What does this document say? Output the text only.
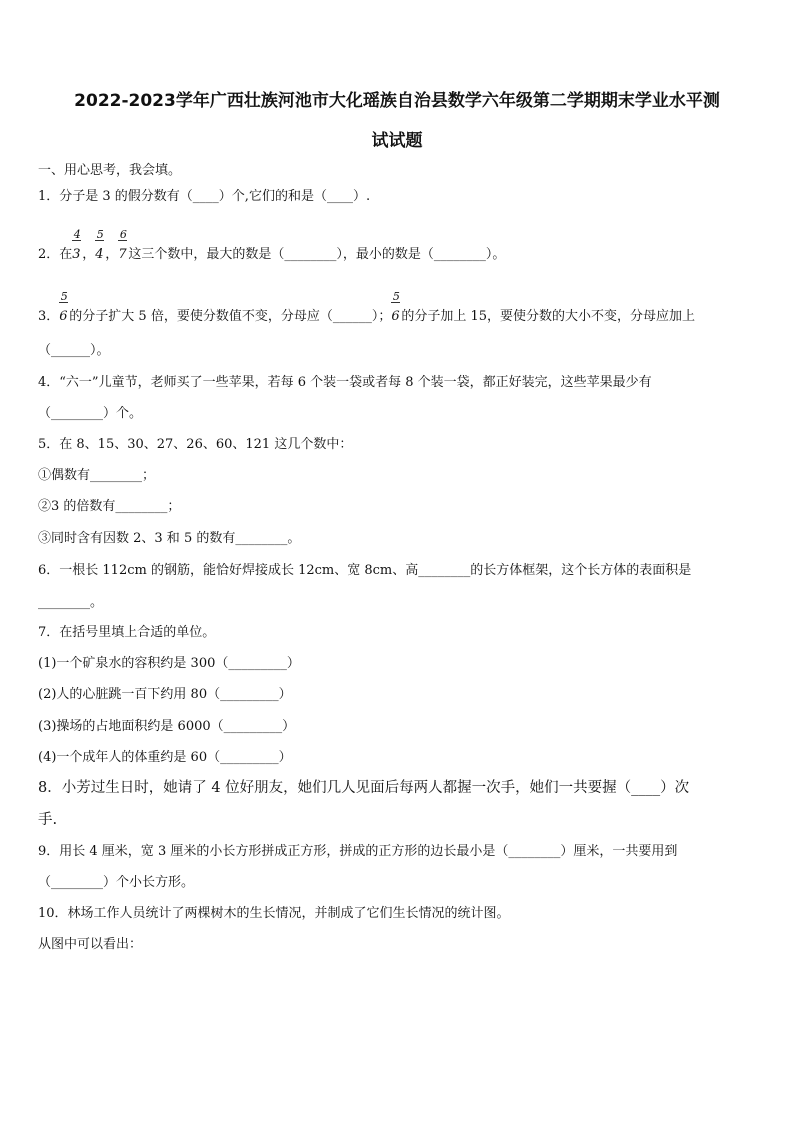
2022-2023学年广西壮族河池市大化瑶族自治县数学六年级第二学期期末学业水平测
试试题
一、用心思考，我会填。
1．分子是 3 的假分数有（____）个,它们的和是（____）.
2．在 $\frac{4}{3}$， $\frac{5}{4}$， $\frac{6}{7}$这三个数中，最大的数是（________），最小的数是（________）。
3． $\frac{5}{6}$的分子扩大 5 倍，要使分数值不变，分母应（______）； $\frac{5}{6}$的分子加上 15，要使分数的大小不变，分母应加上
（______）。
4．“六一”儿童节，老师买了一些苹果，若每 6 个装一袋或者每 8 个装一袋，都正好装完，这些苹果最少有
（________）个。
5．在 8、15、30、27、26、60、121 这几个数中：
①偶数有________；
②3 的倍数有________；
③同时含有因数 2、3 和 5 的数有________。
6．一根长 112cm 的钢筋，能恰好焊接成长 12cm、宽 8cm、高________的长方体框架，这个长方体的表面积是
________。
7．在括号里填上合适的单位。
(1)一个矿泉水的容积约是 300（_________）
(2)人的心脏跳一百下约用 80（_________）
(3)操场的占地面积约是 6000（_________）
(4)一个成年人的体重约是 60（_________）
8．小芳过生日时，她请了 4 位好朋友，她们几人见面后每两人都握一次手，她们一共要握（____）次
手.
9．用长 4 厘米，宽 3 厘米的小长方形拼成正方形，拼成的正方形的边长最小是（________）厘米，一共要用到
（________）个小长方形。
10．林场工作人员统计了两棵树木的生长情况，并制成了它们生长情况的统计图。
从图中可以看出：
